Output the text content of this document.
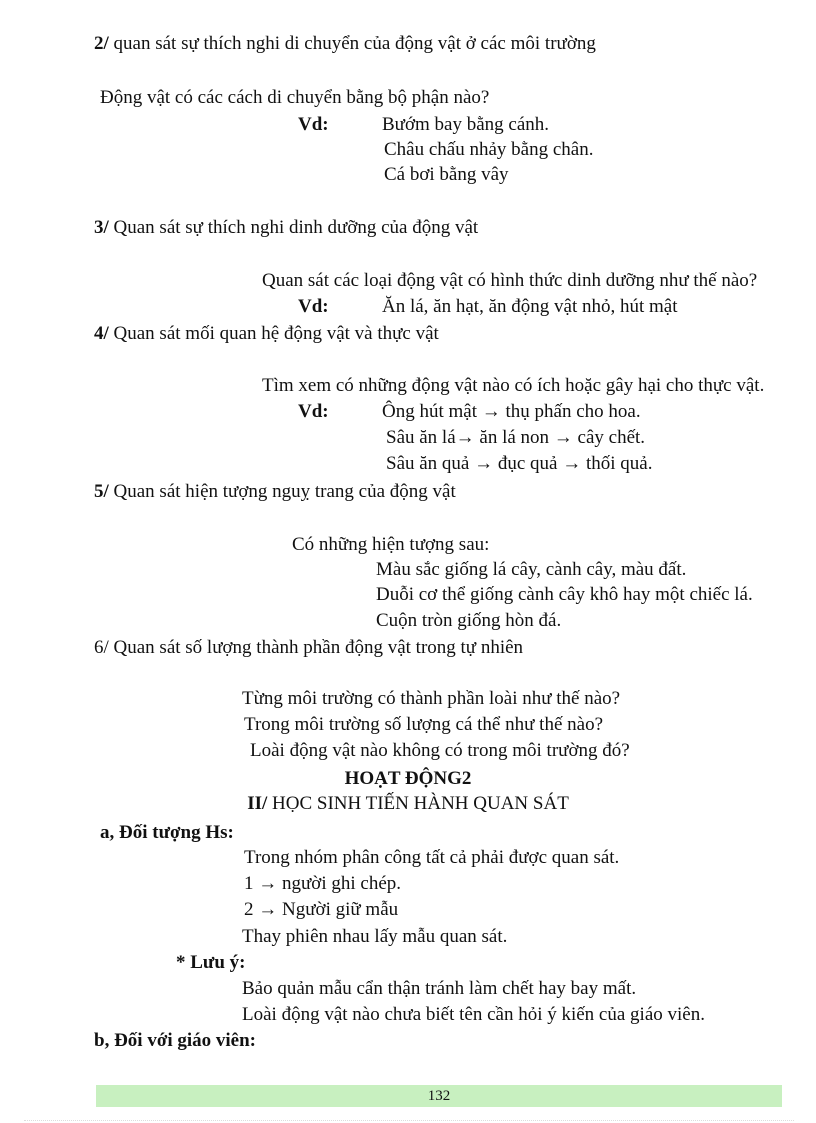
2/ quan sát sự thích nghi di chuyển của động vật ở các môi trường
Động vật có các cách di chuyển bằng bộ phận nào?
Vd:	Bướm bay bằng cánh.
Châu chấu nhảy bằng chân.
Cá bơi bằng vây
3/ Quan sát sự thích nghi dinh dưỡng của động vật
Quan sát các loại động vật có hình thức dinh dưỡng như thế nào?
Vd:	Ăn lá, ăn hạt, ăn động vật nhỏ, hút mật
4/ Quan sát mối quan hệ động vật và thực vật
Tìm xem có những động vật nào có ích hoặc gây hại cho thực vật.
Vd:	Ông hút mật → thụ phấn cho hoa.
Sâu ăn lá→ ăn lá non → cây chết.
Sâu ăn quả → đục quả → thối quả.
5/ Quan sát hiện tượng nguỵ trang của động vật
Có những hiện tượng sau:
Màu sắc giống lá cây, cành cây, màu đất.
Duỗi cơ thể giống cành cây khô hay một chiếc lá.
Cuộn tròn giống hòn đá.
6/ Quan sát số lượng thành phần động vật trong tự nhiên
Từng môi trường có thành phần loài như thế nào?
Trong môi trường số lượng cá thể như thế nào?
Loài động vật nào không có trong môi trường đó?
HOẠT ĐỘNG2
II/ HỌC SINH TIẾN HÀNH QUAN SÁT
a, Đối tượng Hs:
Trong nhóm phân công tất cả phải được quan sát.
1 → người ghi chép.
2 → Người giữ mẫu
Thay phiên nhau lấy mẫu quan sát.
* Lưu ý:
Bảo quản mẫu cẩn thận tránh làm chết hay bay mất.
Loài động vật nào chưa biết tên cần hỏi ý kiến của giáo viên.
b, Đối với giáo viên:
132
